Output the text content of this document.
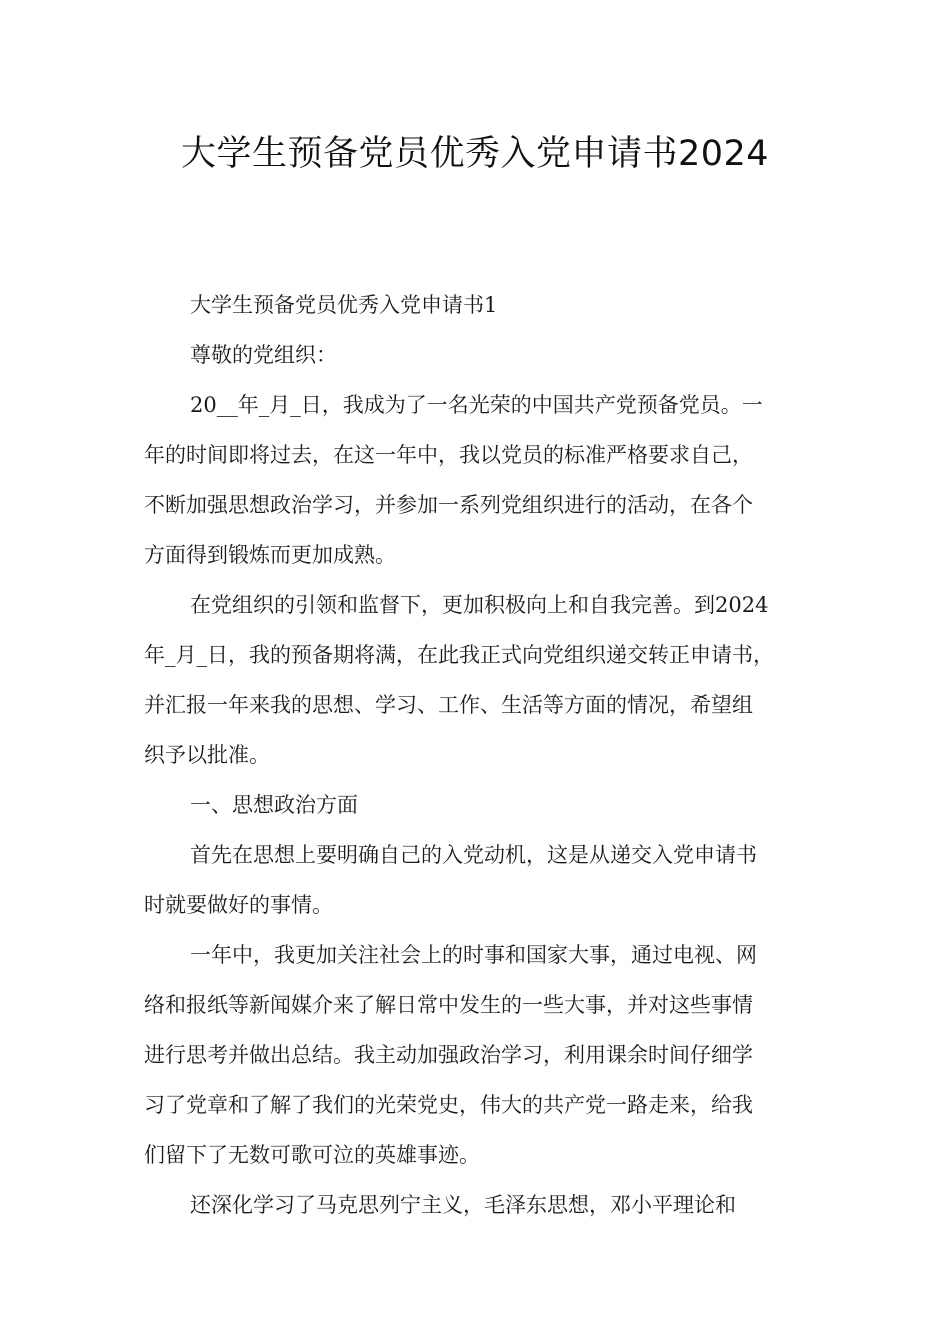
大学生预备党员优秀入党申请书2024

大学生预备党员优秀入党申请书1

尊敬的党组织：

20__年_月_日，我成为了一名光荣的中国共产党预备党员。一
年的时间即将过去，在这一年中，我以党员的标准严格要求自己，
不断加强思想政治学习，并参加一系列党组织进行的活动，在各个
方面得到锻炼而更加成熟。

在党组织的引领和监督下，更加积极向上和自我完善。到2024
年_月_日，我的预备期将满，在此我正式向党组织递交转正申请书，
并汇报一年来我的思想、学习、工作、生活等方面的情况，希望组
织予以批准。

一、思想政治方面

首先在思想上要明确自己的入党动机，这是从递交入党申请书
时就要做好的事情。

一年中，我更加关注社会上的时事和国家大事，通过电视、网
络和报纸等新闻媒介来了解日常中发生的一些大事，并对这些事情
进行思考并做出总结。我主动加强政治学习，利用课余时间仔细学
习了党章和了解了我们的光荣党史，伟大的共产党一路走来，给我
们留下了无数可歌可泣的英雄事迹。

还深化学习了马克思列宁主义，毛泽东思想，邓小平理论和
